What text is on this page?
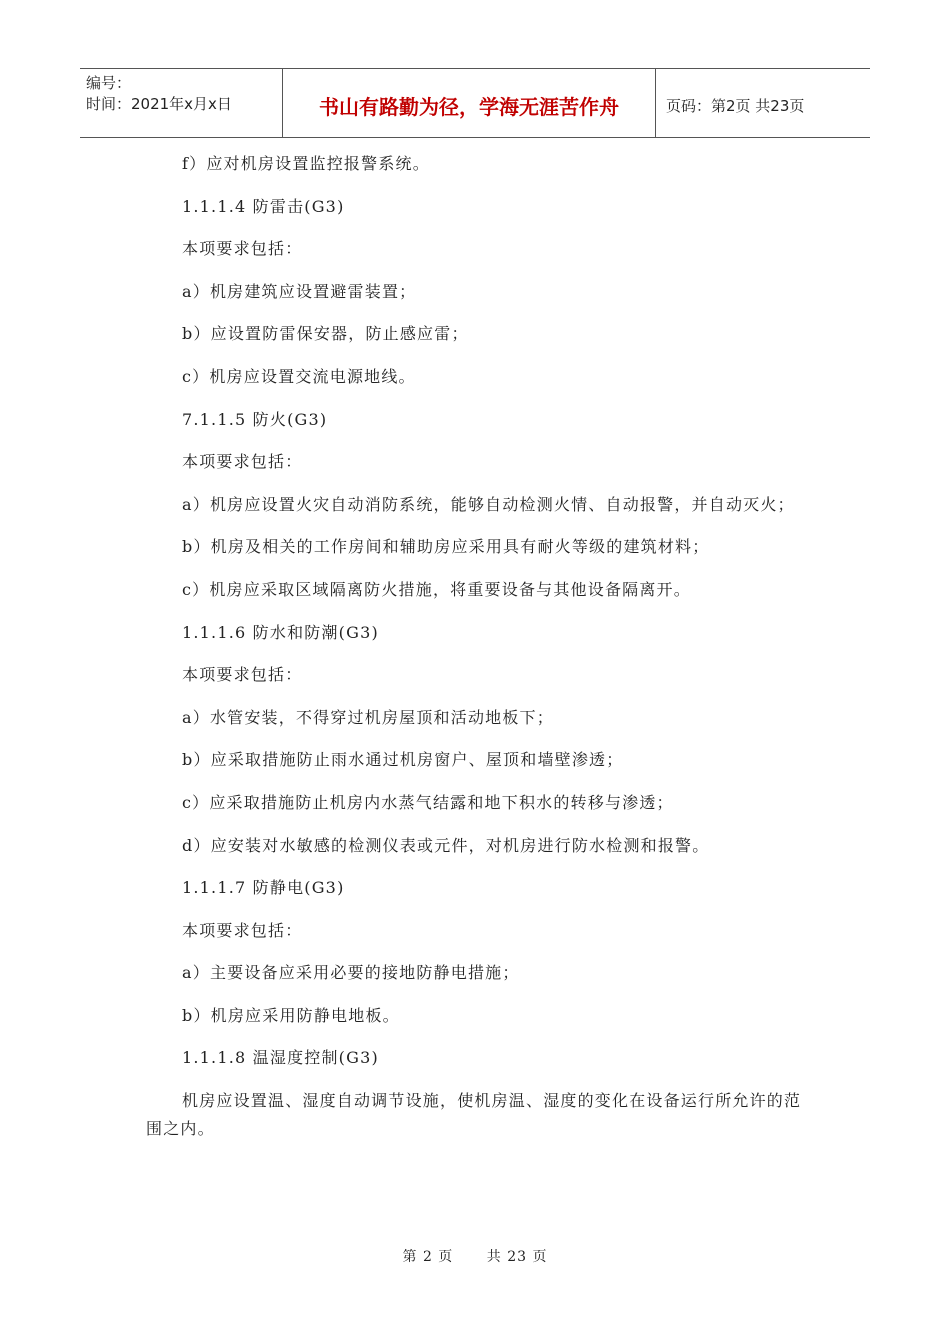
编号：
时间：2021年x月x日	书山有路勤为径，学海无涯苦作舟	页码：第2页 共23页

f）应对机房设置监控报警系统。

1.1.1.4 防雷击(G3)

本项要求包括：

a）机房建筑应设置避雷装置；

b）应设置防雷保安器，防止感应雷；

c）机房应设置交流电源地线。

7.1.1.5 防火(G3)

本项要求包括：

a）机房应设置火灾自动消防系统，能够自动检测火情、自动报警，并自动灭火；

b）机房及相关的工作房间和辅助房应采用具有耐火等级的建筑材料；

c）机房应采取区域隔离防火措施，将重要设备与其他设备隔离开。

1.1.1.6 防水和防潮(G3)

本项要求包括：

a）水管安装，不得穿过机房屋顶和活动地板下；

b）应采取措施防止雨水通过机房窗户、屋顶和墙壁渗透；

c）应采取措施防止机房内水蒸气结露和地下积水的转移与渗透；

d）应安装对水敏感的检测仪表或元件，对机房进行防水检测和报警。

1.1.1.7 防静电(G3)

本项要求包括：

a）主要设备应采用必要的接地防静电措施；

b）机房应采用防静电地板。

1.1.1.8 温湿度控制(G3)

机房应设置温、湿度自动调节设施，使机房温、湿度的变化在设备运行所允许的范围之内。

第 2 页 共 23 页
